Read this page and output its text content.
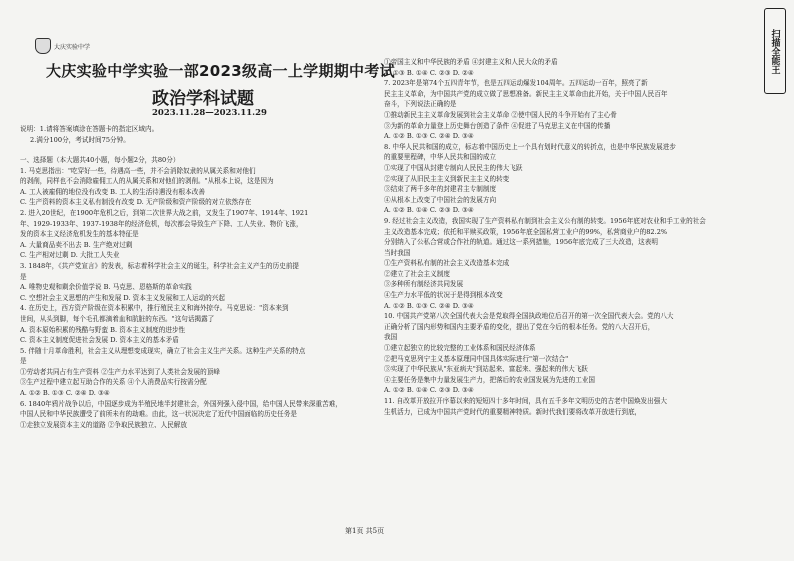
大庆实验中学
大庆实验中学实验一部2023级高一上学期期中考试
政治学科试题
2023.11.28—2023.11.29
说明：1.请将答案填涂在答题卡的指定区域内。
2.满分100分，考试时间75分钟。
一、选择题（本大题共40小题，每小题2分，共80分）
1. 马克思指出："吃穿好一些，待遇高一些，并不会消除奴隶的从属关系和对他们
的剥削，同样也不会消除雇佣工人的从属关系和对他们的剥削。"从根本上说，这是因为
A. 工人被雇佣的地位没有改变 B. 工人的生活待遇没有根本改善
C. 生产资料的资本主义私有制没有改变 D. 无产阶级和资产阶级的对立依然存在
2. 进入20世纪，在1900年危机之后，到第二次世界大战之前，又发生了1907年、1914年、1921
年、1929-1933年、1937-1938年的经济危机，每次都会导致生产下降、工人失业、物价飞涨，
发的资本主义经济危机发生的基本特征是
A. 大量商品卖不出去 B. 生产绝对过剩
C. 生产相对过剩 D. 大批工人失业
3. 1848年，《共产党宣言》的发表，标志着科学社会主义的诞生，科学社会主义产生的历史前提
是
A. 唯物史观和剩余价值学说 B. 马克思、恩格斯的革命实践
C. 空想社会主义思想的产生和发展 D. 资本主义发展和工人运动的兴起
4. 在历史上，西方资产阶级在资本积累中，推行殖民主义和海外掠夺。马克思说："资本来到
世间，从头到脚，每个毛孔都滴着血和肮脏的东西。"这句话揭露了
A. 资本原始积累的残酷与野蛮 B. 资本主义制度的进步性
C. 资本主义制度促进社会发展 D. 资本主义的基本矛盾
5. 伴随十月革命胜利，社会主义从理想变成现实，确立了社会主义生产关系。这种生产关系的特点
是
①劳动者共同占有生产资料 ②生产力水平达到了人类社会发展的顶峰
③生产过程中建立起互助合作的关系 ④个人消费品实行按需分配
A. ①② B. ①③ C. ②④ D. ③④
6. 1840年鸦片战争以后，中国逐步成为半殖民地半封建社会，外国列强入侵中国，给中国人民带来深重苦难，
中国人民和中华民族遭受了前所未有的劫难。由此，这一状况决定了近代中国面临的历史任务是
①走独立发展资本主义的道路 ②争取民族独立、人民解放
①帝国主义和中华民族的矛盾 ④封建主义和人民大众的矛盾
A. ①③ B. ①④ C. ②③ D. ②④
7. 2023年是第74个五四青年节，也是五四运动爆发104周年。五四运动一百年，照亮了新
民主主义革命，为中国共产党的成立做了思想准备。新民主主义革命由此开始，关于中国人民百年
奋斗，下列说法正确的是
①推动新民主主义革命发展到社会主义革命 ②使中国人民的斗争开始有了主心骨
③为新的革命力量登上历史舞台创造了条件 ④促进了马克思主义在中国的传播
A. ①② B. ①③ C. ②④ D. ③④
8. 中华人民共和国的成立，标志着中国历史上一个具有划时代意义的转折点，也是中华民族发展进步
的重要里程碑，中华人民共和国的成立
①实现了中国从封建专制向人民民主的伟大飞跃
②实现了从旧民主主义到新民主主义的转变
③结束了两千多年的封建君主专制制度
④从根本上改变了中国社会的发展方向
A. ①② B. ①④ C. ②③ D. ③④
9. 经过社会主义改造，我国实现了生产资料私有制到社会主义公有制的转变。1956年底对农业和手工业的社会
主义改造基本完成；依托和平赎买政策，1956年底全国私营工业户的99%，私营商业户的82.2%
分别纳入了公私合营或合作社的轨道。通过这一系列措施，1956年底完成了三大改造，这表明
当时我国
①生产资料私有制的社会主义改造基本完成
②建立了社会主义制度
③多种所有制经济共同发展
④生产力水平低的状况于是得到根本改变
A. ①② B. ①③ C. ②④ D. ③④
10. 中国共产党第八次全国代表大会是党取得全国执政地位后召开的第一次全国代表大会。党的八大
正确分析了国内形势和国内主要矛盾的变化，提出了党在今后的根本任务。党的八大召开后，
我国
①建立起独立的比较完整的工业体系和国民经济体系
②把马克思列宁主义基本原理同中国具体实际进行"第一次结合"
③实现了中华民族从"东亚病夫"到站起来、富起来、强起来的伟大飞跃
④主要任务是集中力量发展生产力，把落后的农业国发展为先进的工业国
A. ①② B. ①④ C. ②③ D. ③④
11. 自改革开放拉开序幕以来的短短四十多年时间，具有五千多年文明历史的古老中国焕发出强大
生机活力，已成为中国共产党时代的重要精神特质。新时代我们要将改革开放进行到底，
第1页 共5页
扫描全能王
